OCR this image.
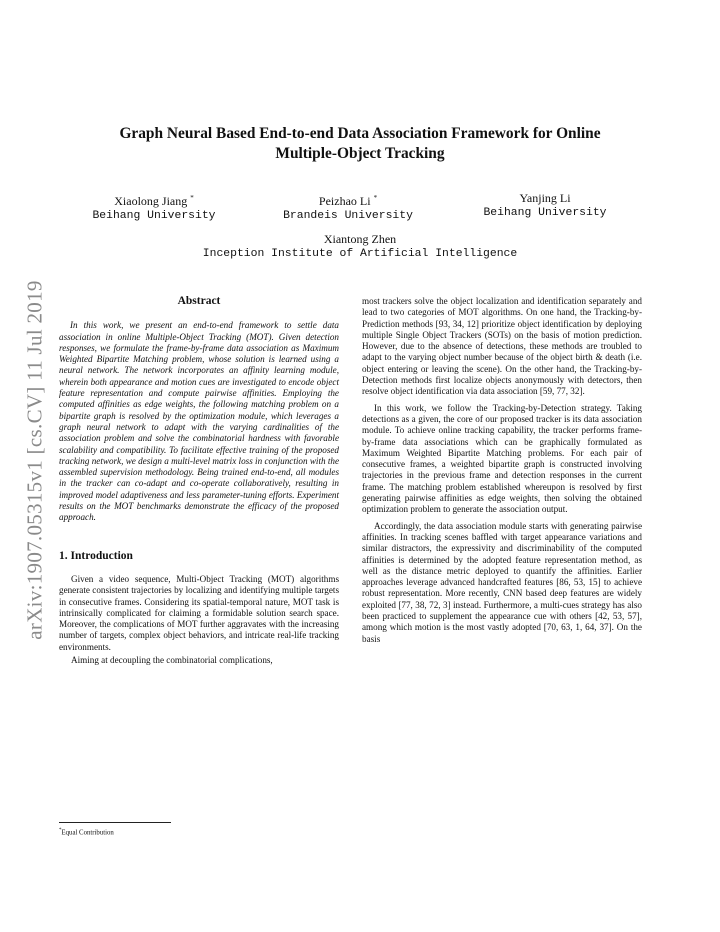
arXiv:1907.05315v1 [cs.CV] 11 Jul 2019
Graph Neural Based End-to-end Data Association Framework for Online
Multiple-Object Tracking
Xiaolong Jiang *
Beihang University
Peizhao Li *
Brandeis University
Yanjing Li
Beihang University
Xiantong Zhen
Inception Institute of Artificial Intelligence
Abstract

In this work, we present an end-to-end framework to settle data association in online Multiple-Object Tracking (MOT). Given detection responses, we formulate the frame-by-frame data association as Maximum Weighted Bipartite Matching problem, whose solution is learned using a neural network. The network incorporates an affinity learning module, wherein both appearance and motion cues are investigated to encode object feature representation and compute pairwise affinities. Employing the computed affinities as edge weights, the following matching problem on a bipartite graph is resolved by the optimization module, which leverages a graph neural network to adapt with the varying cardinalities of the association problem and solve the combinatorial hardness with favorable scalability and compatibility. To facilitate effective training of the proposed tracking network, we design a multi-level matrix loss in conjunction with the assembled supervision methodology. Being trained end-to-end, all modules in the tracker can co-adapt and co-operate collaboratively, resulting in improved model adaptiveness and less parameter-tuning efforts. Experiment results on the MOT benchmarks demonstrate the efficacy of the proposed approach.

1. Introduction

Given a video sequence, Multi-Object Tracking (MOT) algorithms generate consistent trajectories by localizing and identifying multiple targets in consecutive frames. Considering its spatial-temporal nature, MOT task is intrinsically complicated for claiming a formidable solution search space. Moreover, the complications of MOT further aggravates with the increasing number of targets, complex object behaviors, and intricate real-life tracking environments.

Aiming at decoupling the combinatorial complications,

most trackers solve the object localization and identification separately and lead to two categories of MOT algorithms. On one hand, the Tracking-by-Prediction methods [93, 34, 12] prioritize object identification by deploying multiple Single Object Trackers (SOTs) on the basis of motion prediction. However, due to the absence of detections, these methods are troubled to adapt to the varying object number because of the object birth & death (i.e. object entering or leaving the scene). On the other hand, the Tracking-by-Detection methods first localize objects anonymously with detectors, then resolve object identification via data association [59, 77, 32].

In this work, we follow the Tracking-by-Detection strategy. Taking detections as a given, the core of our proposed tracker is its data association module. To achieve online tracking capability, the tracker performs frame-by-frame data associations which can be graphically formulated as Maximum Weighted Bipartite Matching problems. For each pair of consecutive frames, a weighted bipartite graph is constructed involving trajectories in the previous frame and detection responses in the current frame. The matching problem established whereupon is resolved by first generating pairwise affinities as edge weights, then solving the obtained optimization problem to generate the association output.

Accordingly, the data association module starts with generating pairwise affinities. In tracking scenes baffled with target appearance variations and similar distractors, the expressivity and discriminability of the computed affinities is determined by the adopted feature representation method, as well as the distance metric deployed to quantify the affinities. Earlier approaches leverage advanced handcrafted features [86, 53, 15] to achieve robust representation. More recently, CNN based deep features are widely exploited [77, 38, 72, 3] instead. Furthermore, a multi-cues strategy has also been practiced to supplement the appearance cue with others [42, 53, 57], among which motion is the most vastly adopted [70, 63, 1, 64, 37]. On the basis

*Equal Contribution
